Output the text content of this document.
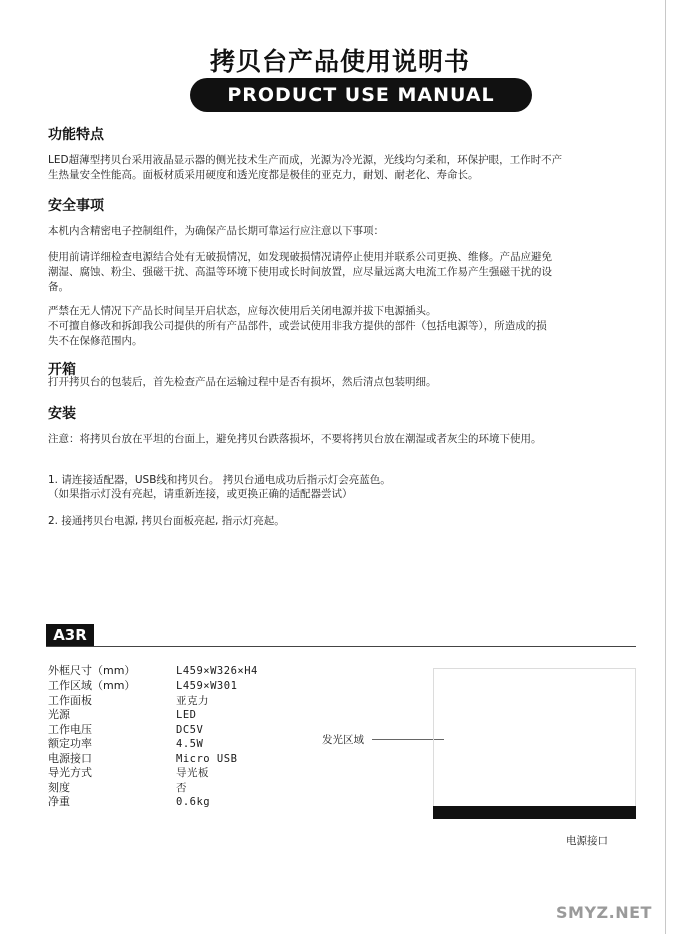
拷贝台产品使用说明书
PRODUCT USE MANUAL
功能特点
LED超薄型拷贝台采用液晶显示器的侧光技术生产而成，光源为冷光源，光线均匀柔和，环保护眼，工作时不产
生热量安全性能高。面板材质采用硬度和透光度都是极佳的亚克力，耐划、耐老化、寿命长。
安全事项
本机内含精密电子控制组件，为确保产品长期可靠运行应注意以下事项：
使用前请详细检查电源结合处有无破损情况，如发现破损情况请停止使用并联系公司更换、维修。产品应避免
潮湿、腐蚀、粉尘、强磁干扰、高温等环境下使用或长时间放置，应尽量远离大电流工作易产生强磁干扰的设
备。
严禁在无人情况下产品长时间呈开启状态，应每次使用后关闭电源并拔下电源插头。
不可擅自修改和拆卸我公司提供的所有产品部件，或尝试使用非我方提供的部件（包括电源等），所造成的损
失不在保修范围内。
开箱
打开拷贝台的包装后，首先检查产品在运输过程中是否有损坏，然后清点包装明细。
安装
注意：将拷贝台放在平坦的台面上，避免拷贝台跌落损坏，不要将拷贝台放在潮湿或者灰尘的环境下使用。
1. 请连接适配器，USB线和拷贝台。 拷贝台通电成功后指示灯会亮蓝色。
（如果指示灯没有亮起，请重新连接，或更换正确的适配器尝试）
2. 接通拷贝台电源, 拷贝台面板亮起, 指示灯亮起。
A3R
外框尺寸（mm）	L459×W326×H4
工作区域（mm）	L459×W301
工作面板	亚克力
光源	LED
工作电压	DC5V
额定功率	4.5W
电源接口	Micro USB
导光方式	导光板
刻度	否
净重	0.6kg
发光区域
电源接口
SMYZ.NET
